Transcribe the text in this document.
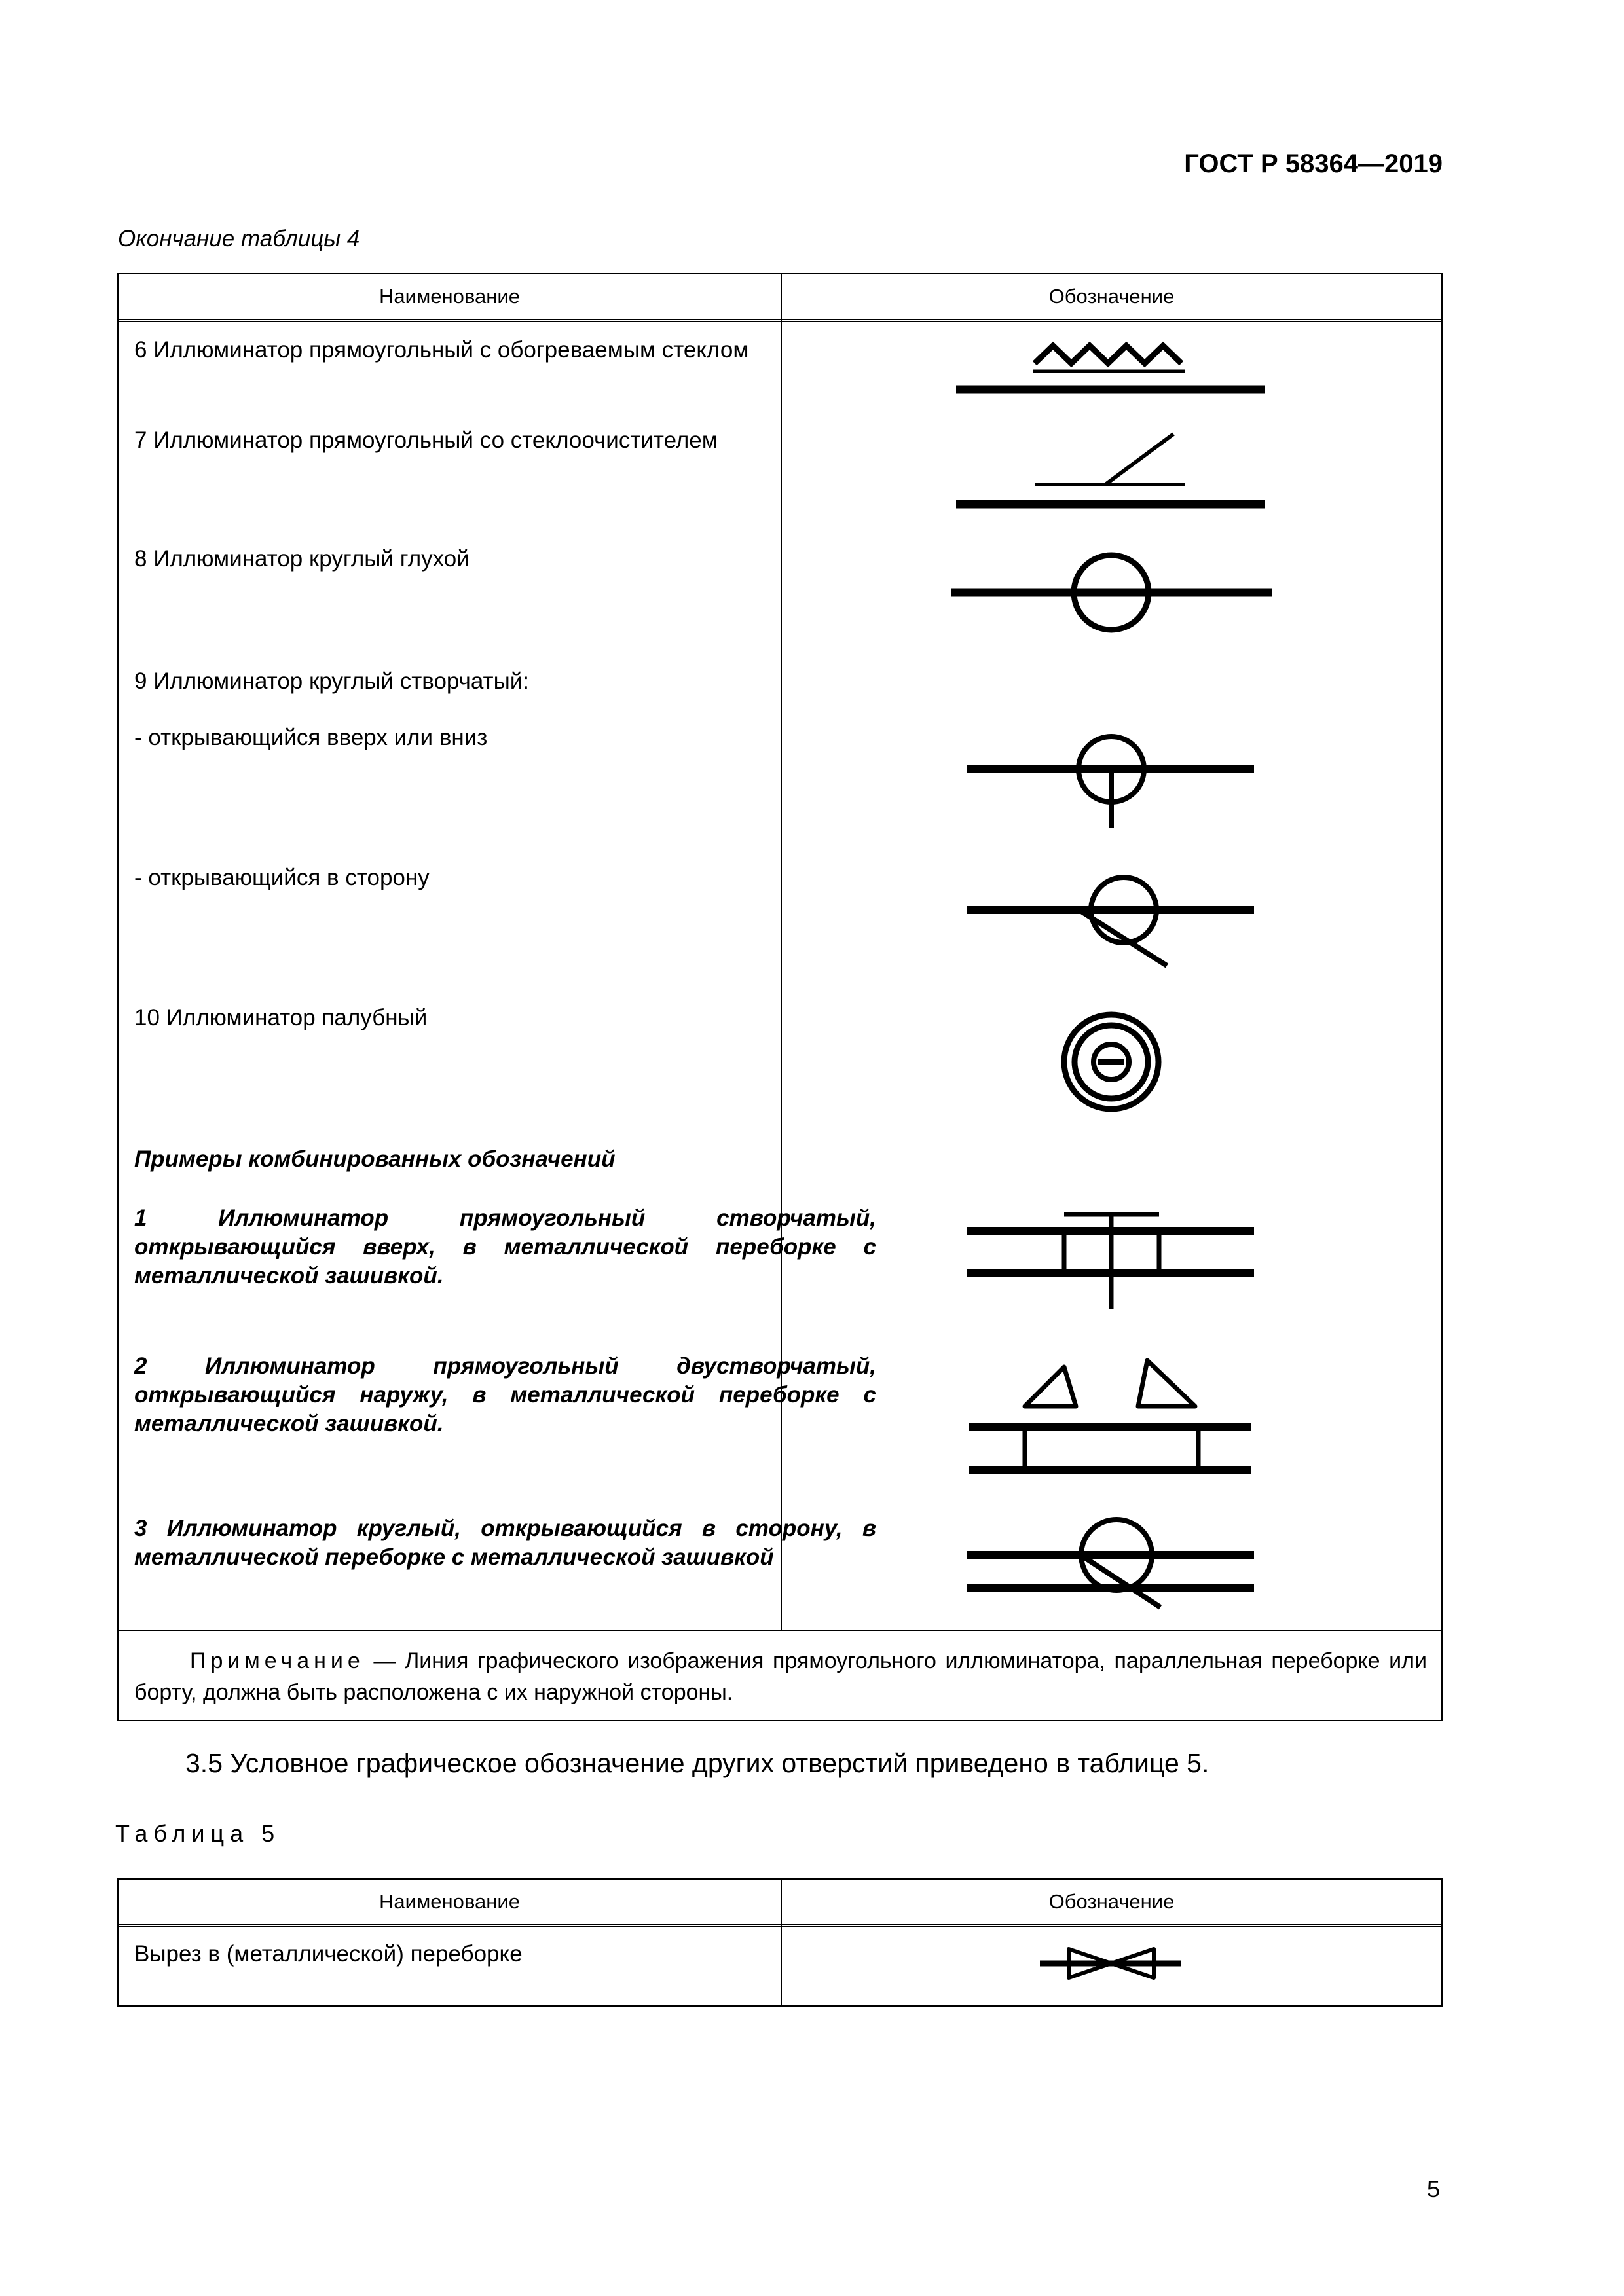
ГОСТ Р 58364—2019
Окончание таблицы 4
Наименование	Обозначение
6 Иллюминатор прямоугольный с обогреваемым стеклом
7 Иллюминатор прямоугольный со стеклоочистителем
8 Иллюминатор круглый глухой
9 Иллюминатор круглый створчатый:
- открывающийся вверх или вниз
- открывающийся в сторону
10 Иллюминатор палубный
Примеры комбинированных обозначений
1 Иллюминатор прямоугольный створчатый, открывающийся вверх, в металлической переборке с металлической зашивкой.
2 Иллюминатор прямоугольный двустворчатый, открывающийся наружу, в металлической переборке с металлической зашивкой.
3 Иллюминатор круглый, открывающийся в сторону, в металлической переборке с металлической зашивкой
Примечание — Линия графического изображения прямоугольного иллюминатора, параллельная переборке или борту, должна быть расположена с их наружной стороны.
3.5 Условное графическое обозначение других отверстий приведено в таблице 5.
Таблица 5
Наименование	Обозначение
Вырез в (металлической) переборке
5
